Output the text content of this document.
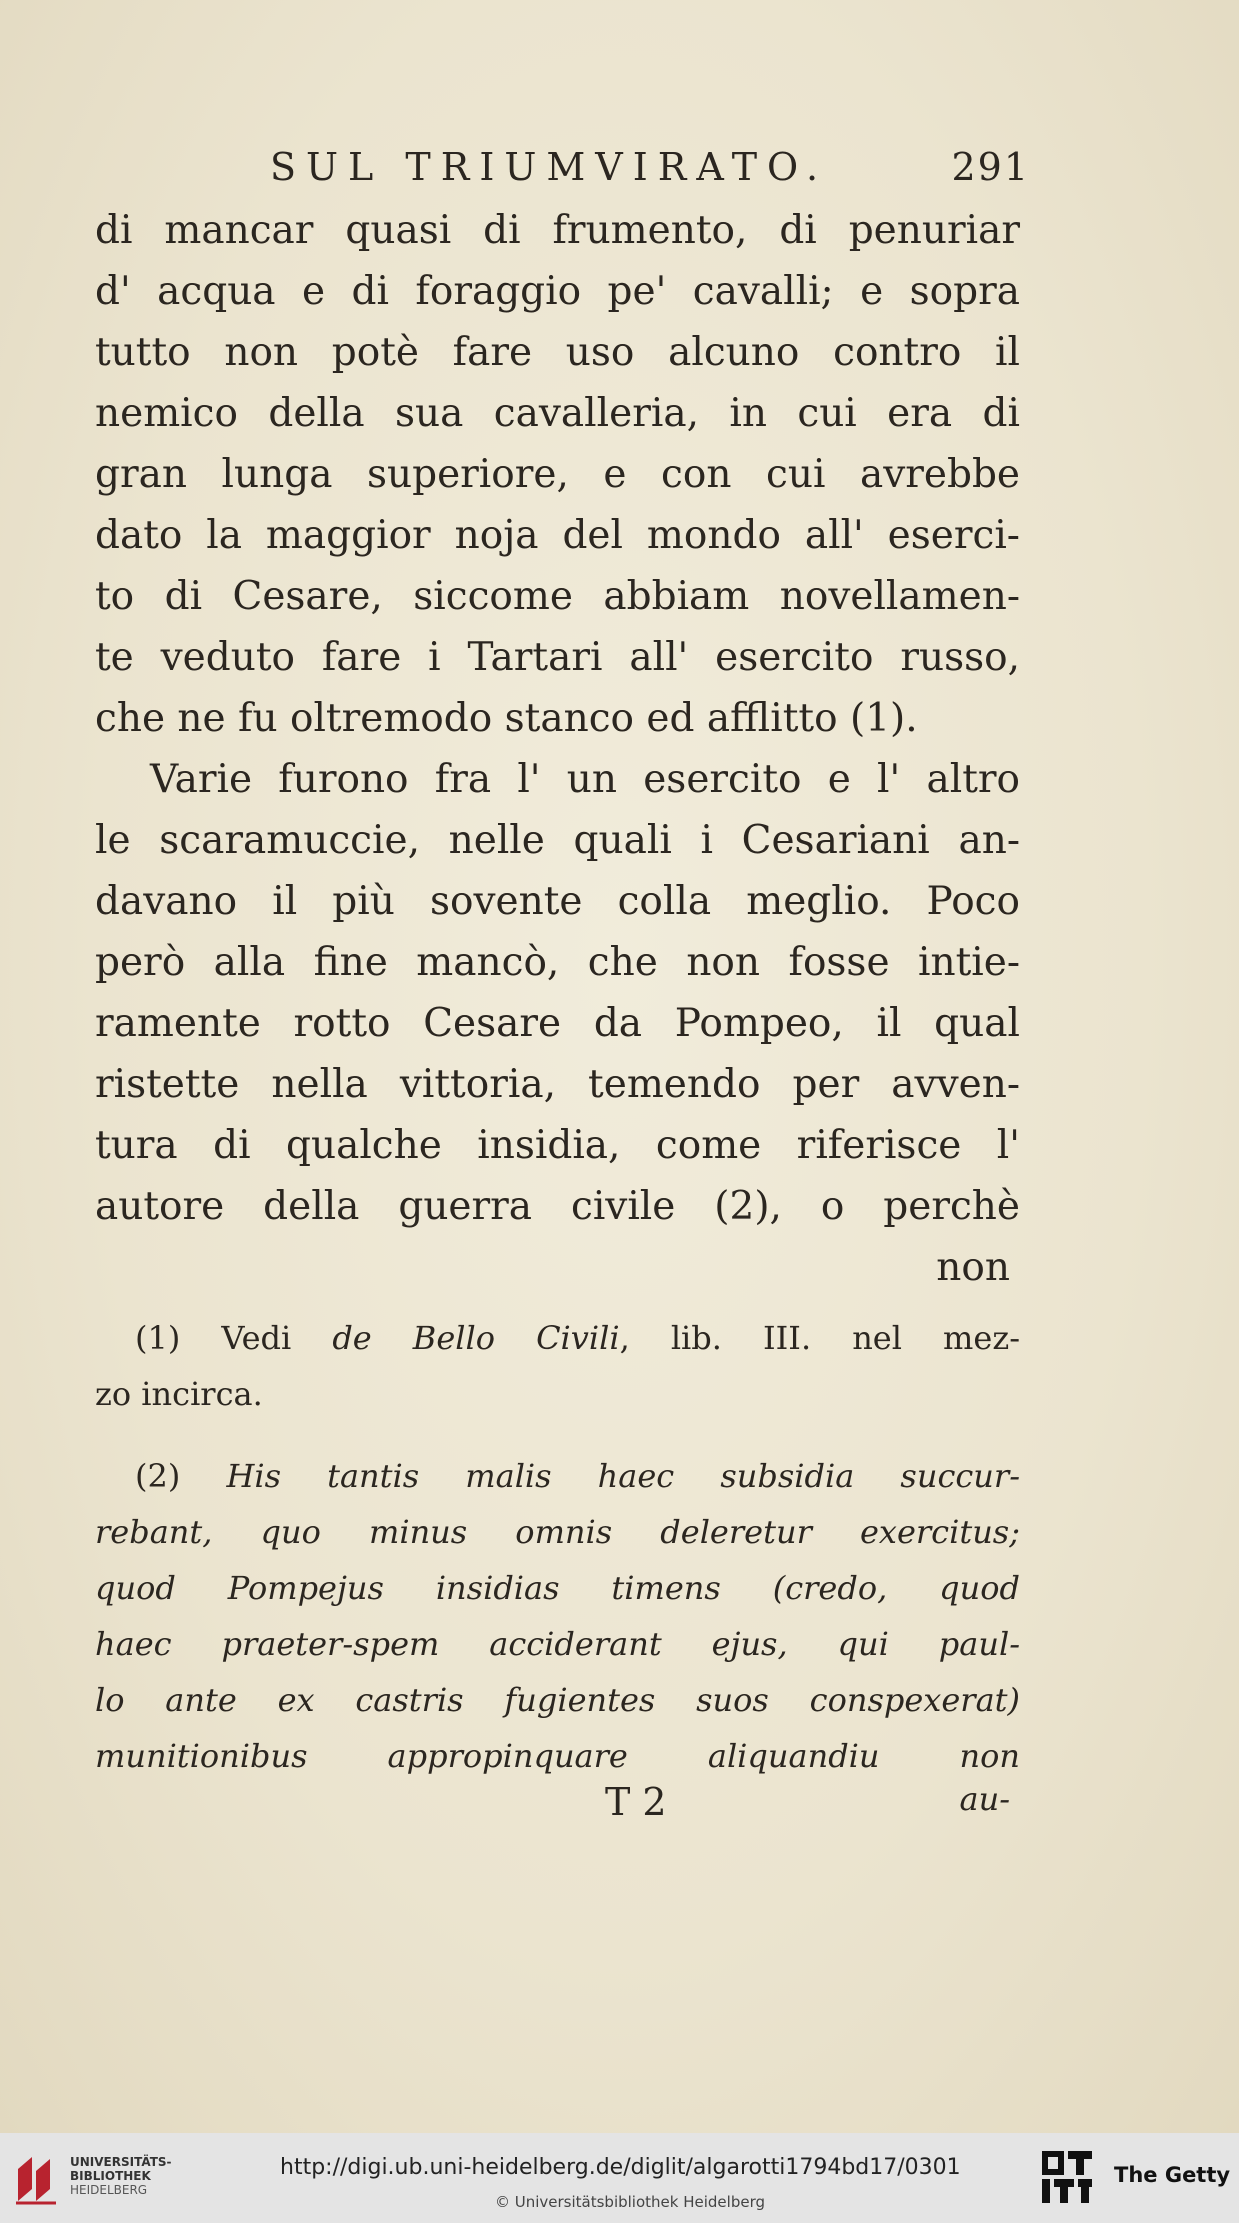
SUL TRIUMVIRATO.	291
di mancar quasi di frumento, di penuriar
d' acqua e di foraggio pe' cavalli; e sopra
tutto non potè fare uso alcuno contro il
nemico della sua cavalleria, in cui era di
gran lunga superiore, e con cui avrebbe
dato la maggior noja del mondo all' eserci-
to di Cesare, siccome abbiam novellamen-
te veduto fare i Tartari all' esercito russo,
che ne fu oltremodo stanco ed afflitto (1).
Varie furono fra l' un esercito e l' altro
le scaramuccie, nelle quali i Cesariani an-
davano il più sovente colla meglio. Poco
però alla fine mancò, che non fosse intie-
ramente rotto Cesare da Pompeo, il qual
ristette nella vittoria, temendo per avven-
tura di qualche insidia, come riferisce l'
autore della guerra civile (2), o perchè
non
(1) Vedi de Bello Civili, lib. III. nel mez-
zo incirca.
(2) His tantis malis haec subsidia succur-
rebant, quo minus omnis deleretur exercitus;
quod Pompejus insidias timens (credo, quod
haec praeter-spem acciderant ejus, qui paul-
lo ante ex castris fugientes suos conspexerat)
munitionibus appropinquare aliquandiu non
T 2	au-
UNIVERSITÄTS-
BIBLIOTHEK
HEIDELBERG
http://digi.ub.uni-heidelberg.de/diglit/algarotti1794bd17/0301
© Universitätsbibliothek Heidelberg
The Getty
